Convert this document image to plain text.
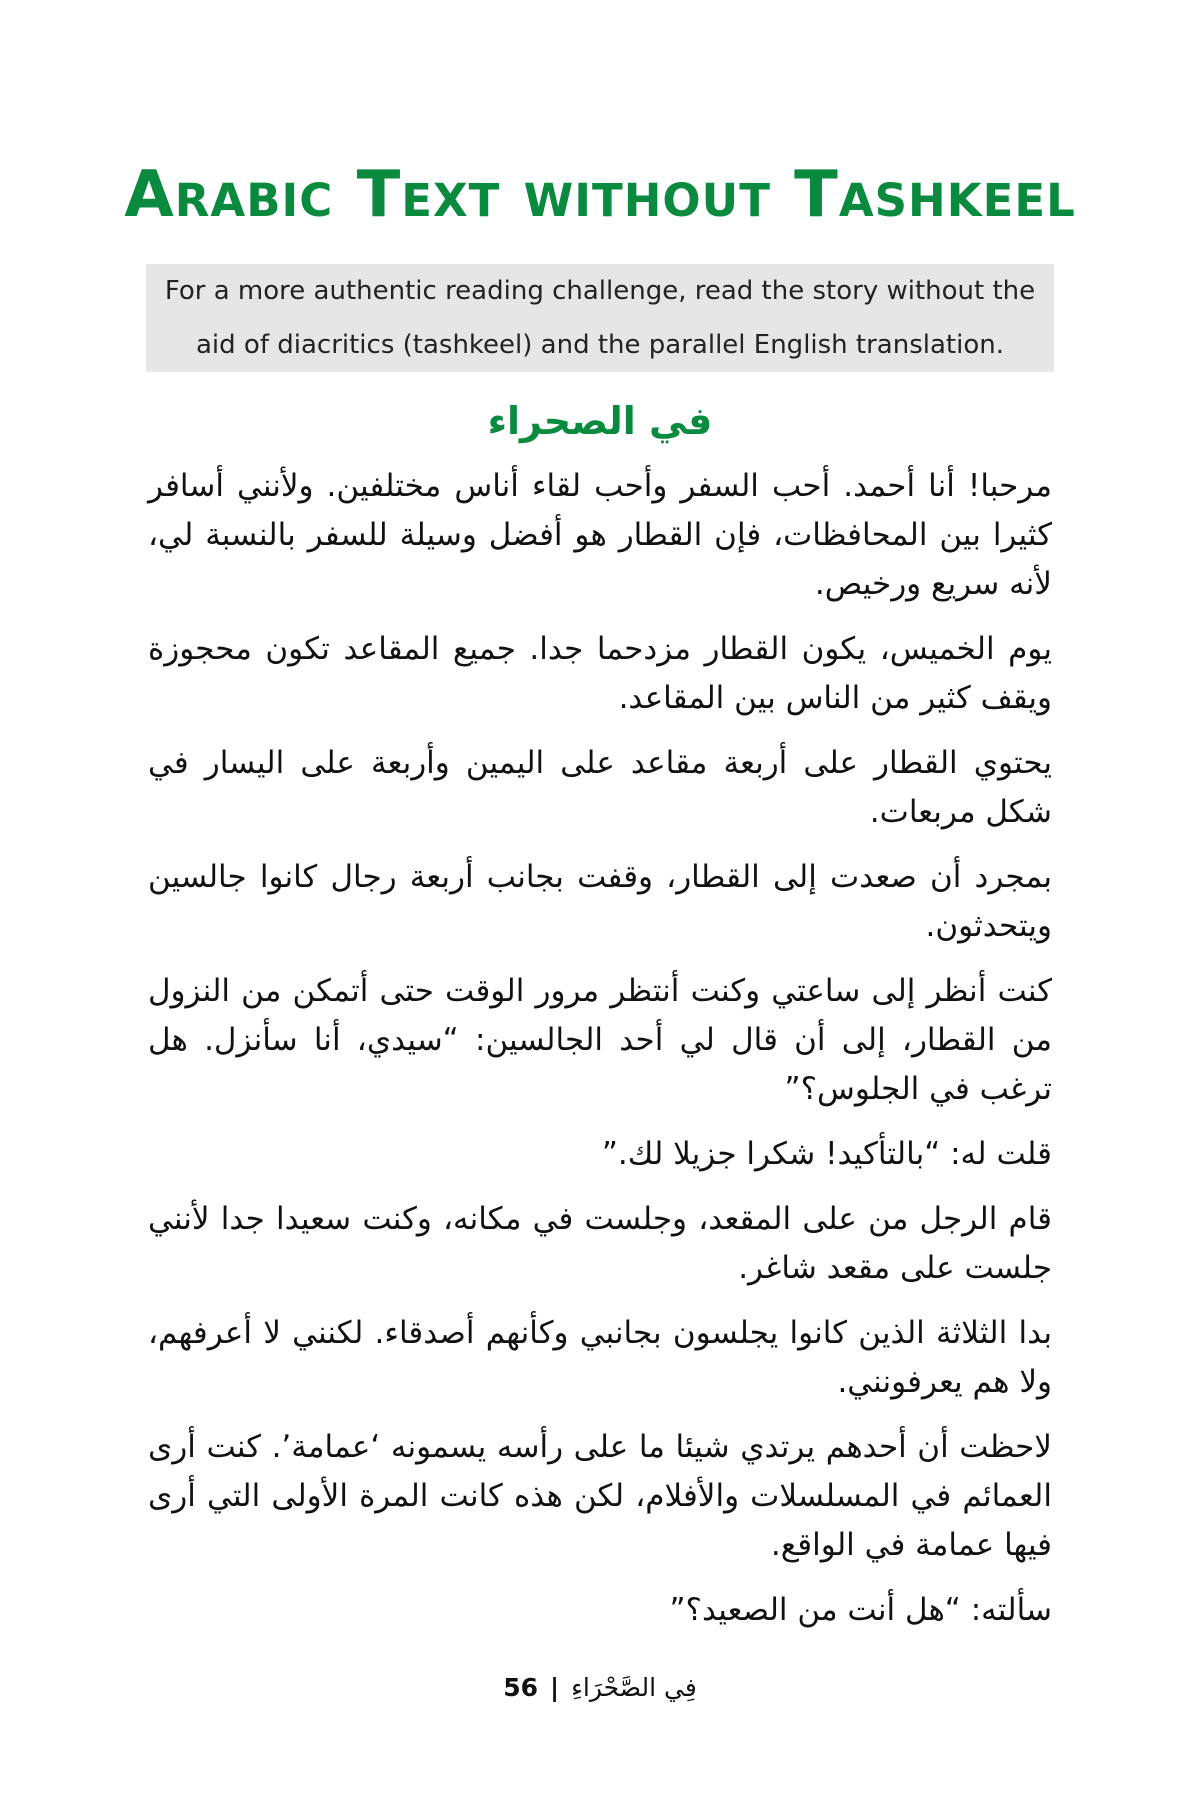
Arabic Text without Tashkeel
For a more authentic reading challenge, read the story without the aid of diacritics (tashkeel) and the parallel English translation.
في الصحراء

مرحبا! أنا أحمد. أحب السفر وأحب لقاء أناس مختلفين. ولأنني أسافر كثيرا بين المحافظات، فإن القطار هو أفضل وسيلة للسفر بالنسبة لي، لأنه سريع ورخيص.

يوم الخميس، يكون القطار مزدحما جدا. جميع المقاعد تكون محجوزة ويقف كثير من الناس بين المقاعد.

يحتوي القطار على أربعة مقاعد على اليمين وأربعة على اليسار في شكل مربعات.

بمجرد أن صعدت إلى القطار، وقفت بجانب أربعة رجال كانوا جالسين ويتحدثون.

كنت أنظر إلى ساعتي وكنت أنتظر مرور الوقت حتى أتمكن من النزول من القطار، إلى أن قال لي أحد الجالسين: “سيدي، أنا سأنزل. هل ترغب في الجلوس؟”

قلت له: “بالتأكيد! شكرا جزيلا لك.”

قام الرجل من على المقعد، وجلست في مكانه، وكنت سعيدا جدا لأنني جلست على مقعد شاغر.

بدا الثلاثة الذين كانوا يجلسون بجانبي وكأنهم أصدقاء. لكنني لا أعرفهم، ولا هم يعرفونني.

لاحظت أن أحدهم يرتدي شيئا ما على رأسه يسمونه ‘عمامة’. كنت أرى العمائم في المسلسلات والأفلام، لكن هذه كانت المرة الأولى التي أرى فيها عمامة في الواقع.

سألته: “هل أنت من الصعيد؟”

56 | فِي الصَّحْرَاءِ
